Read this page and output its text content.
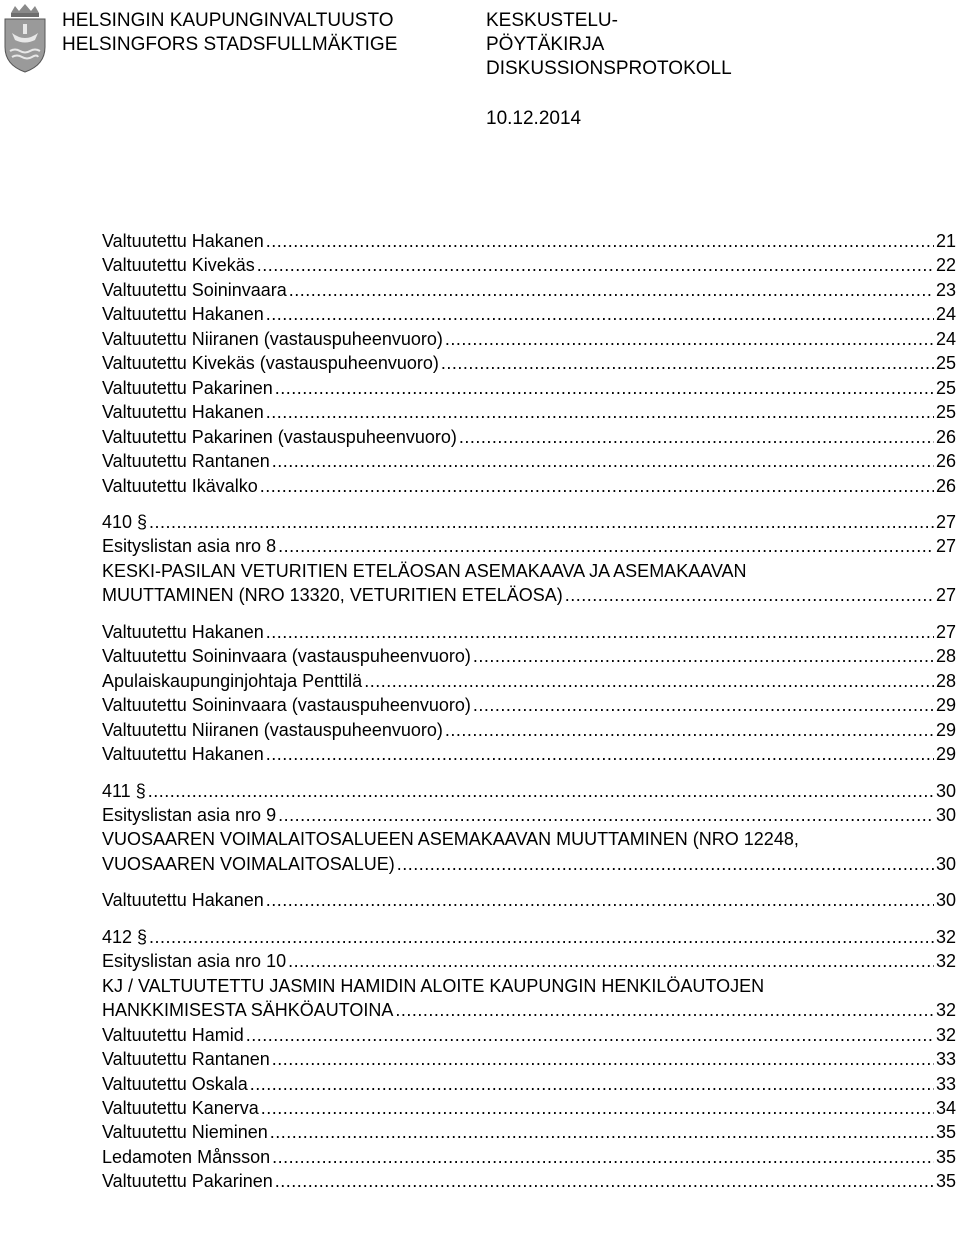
HELSINGIN KAUPUNGINVALTUUSTO
HELSINGFORS STADSFULLMÄKTIGE
KESKUSTELU-
PÖYTÄKIRJA
DISKUSSIONSPROTOKOLL
10.12.2014
Valtuutettu Hakanen .....	21
Valtuutettu Kivekäs .....	22
Valtuutettu Soininvaara .....	23
Valtuutettu Hakanen .....	24
Valtuutettu Niiranen (vastauspuheenvuoro) .....	24
Valtuutettu Kivekäs (vastauspuheenvuoro) .....	25
Valtuutettu Pakarinen .....	25
Valtuutettu Hakanen .....	25
Valtuutettu Pakarinen (vastauspuheenvuoro) .....	26
Valtuutettu Rantanen .....	26
Valtuutettu Ikävalko .....	26
410 § .....	27
Esityslistan asia nro 8 .....	27
KESKI-PASILAN VETURITIEN ETELÄOSAN ASEMAKAAVA JA ASEMAKAAVAN
MUUTTAMINEN (NRO 13320, VETURITIEN ETELÄOSA) .....	27
Valtuutettu Hakanen .....	27
Valtuutettu Soininvaara (vastauspuheenvuoro) .....	28
Apulaiskaupunginjohtaja Penttilä .....	28
Valtuutettu Soininvaara (vastauspuheenvuoro) .....	29
Valtuutettu Niiranen (vastauspuheenvuoro) .....	29
Valtuutettu Hakanen .....	29
411 § .....	30
Esityslistan asia nro 9 .....	30
VUOSAAREN VOIMALAITOSALUEEN ASEMAKAAVAN MUUTTAMINEN (NRO 12248,
VUOSAAREN VOIMALAITOSALUE) .....	30
Valtuutettu Hakanen .....	30
412 § .....	32
Esityslistan asia nro 10 .....	32
KJ / VALTUUTETTU JASMIN HAMIDIN ALOITE KAUPUNGIN HENKILÖAUTOJEN
HANKKIMISESTA SÄHKÖAUTOINA .....	32
Valtuutettu Hamid .....	32
Valtuutettu Rantanen .....	33
Valtuutettu Oskala .....	33
Valtuutettu Kanerva .....	34
Valtuutettu Nieminen .....	35
Ledamoten Månsson .....	35
Valtuutettu Pakarinen .....	35
